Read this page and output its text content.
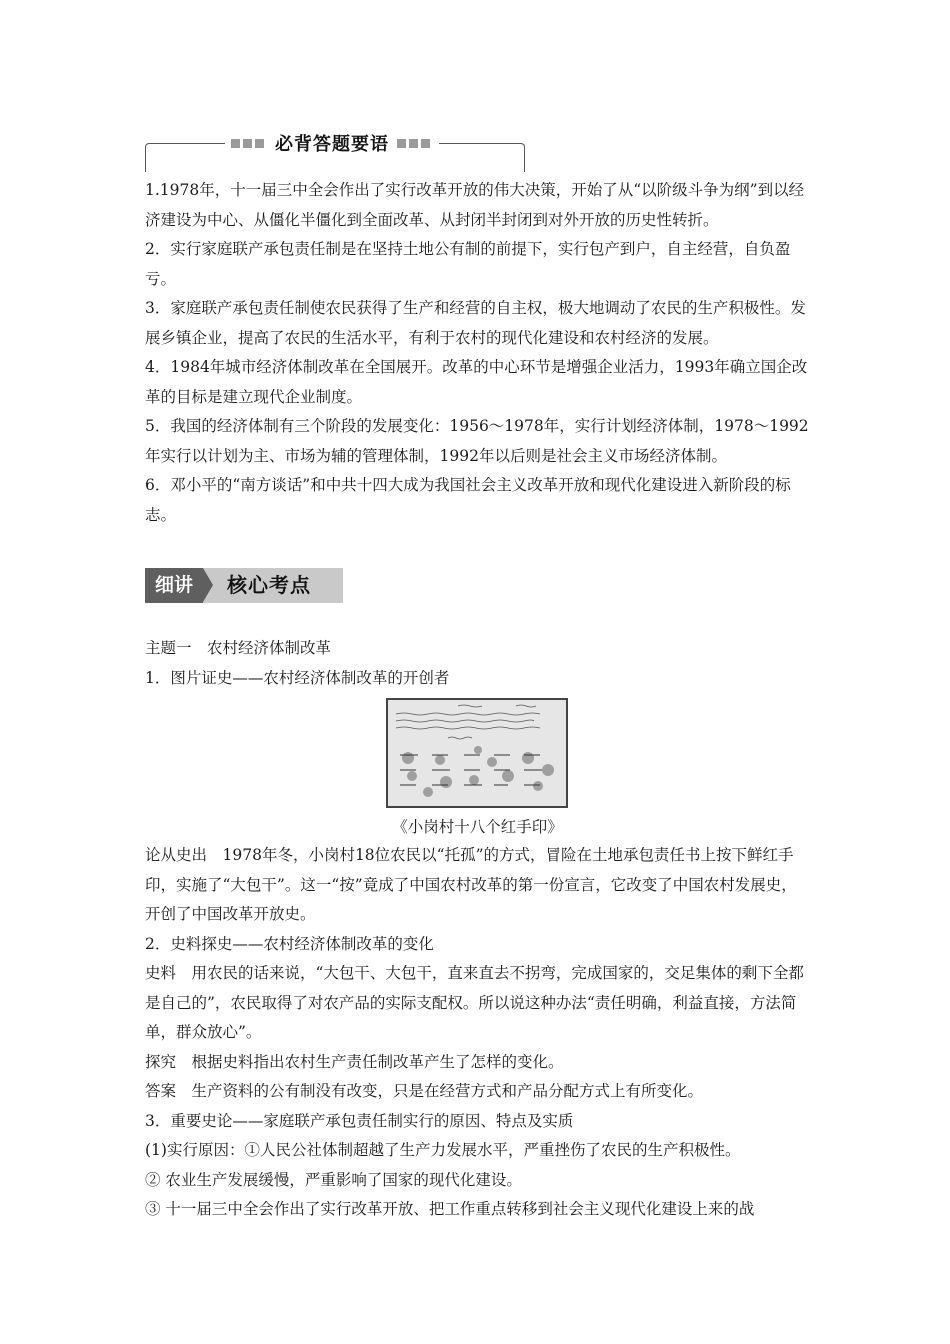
必背答题要语

1.1978年，十一届三中全会作出了实行改革开放的伟大决策，开始了从“以阶级斗争为纲”到以经济建设为中心、从僵化半僵化到全面改革、从封闭半封闭到对外开放的历史性转折。

2．实行家庭联产承包责任制是在坚持土地公有制的前提下，实行包产到户，自主经营，自负盈亏。

3．家庭联产承包责任制使农民获得了生产和经营的自主权，极大地调动了农民的生产积极性。发展乡镇企业，提高了农民的生活水平，有利于农村的现代化建设和农村经济的发展。

4．1984年城市经济体制改革在全国展开。改革的中心环节是增强企业活力，1993年确立国企改革的目标是建立现代企业制度。

5．我国的经济体制有三个阶段的发展变化：1956～1978年，实行计划经济体制，1978～1992年实行以计划为主、市场为辅的管理体制，1992年以后则是社会主义市场经济体制。

6．邓小平的“南方谈话”和中共十四大成为我国社会主义改革开放和现代化建设进入新阶段的标志。

细讲	核心考点

主题一　农村经济体制改革

1．图片证史——农村经济体制改革的开创者

《小岗村十八个红手印》

论从史出　1978年冬，小岗村18位农民以“托孤”的方式，冒险在土地承包责任书上按下鲜红手印，实施了“大包干”。这一“按”竟成了中国农村改革的第一份宣言，它改变了中国农村发展史，开创了中国改革开放史。

2．史料探史——农村经济体制改革的变化

史料　用农民的话来说，“大包干、大包干，直来直去不拐弯，完成国家的，交足集体的剩下全都是自己的”，农民取得了对农产品的实际支配权。所以说这种办法“责任明确，利益直接，方法简单，群众放心”。

探究　根据史料指出农村生产责任制改革产生了怎样的变化。

答案　生产资料的公有制没有改变，只是在经营方式和产品分配方式上有所变化。

3．重要史论——家庭联产承包责任制实行的原因、特点及实质

(1)实行原因：①人民公社体制超越了生产力发展水平，严重挫伤了农民的生产积极性。

② 农业生产发展缓慢，严重影响了国家的现代化建设。

③ 十一届三中全会作出了实行改革开放、把工作重点转移到社会主义现代化建设上来的战
